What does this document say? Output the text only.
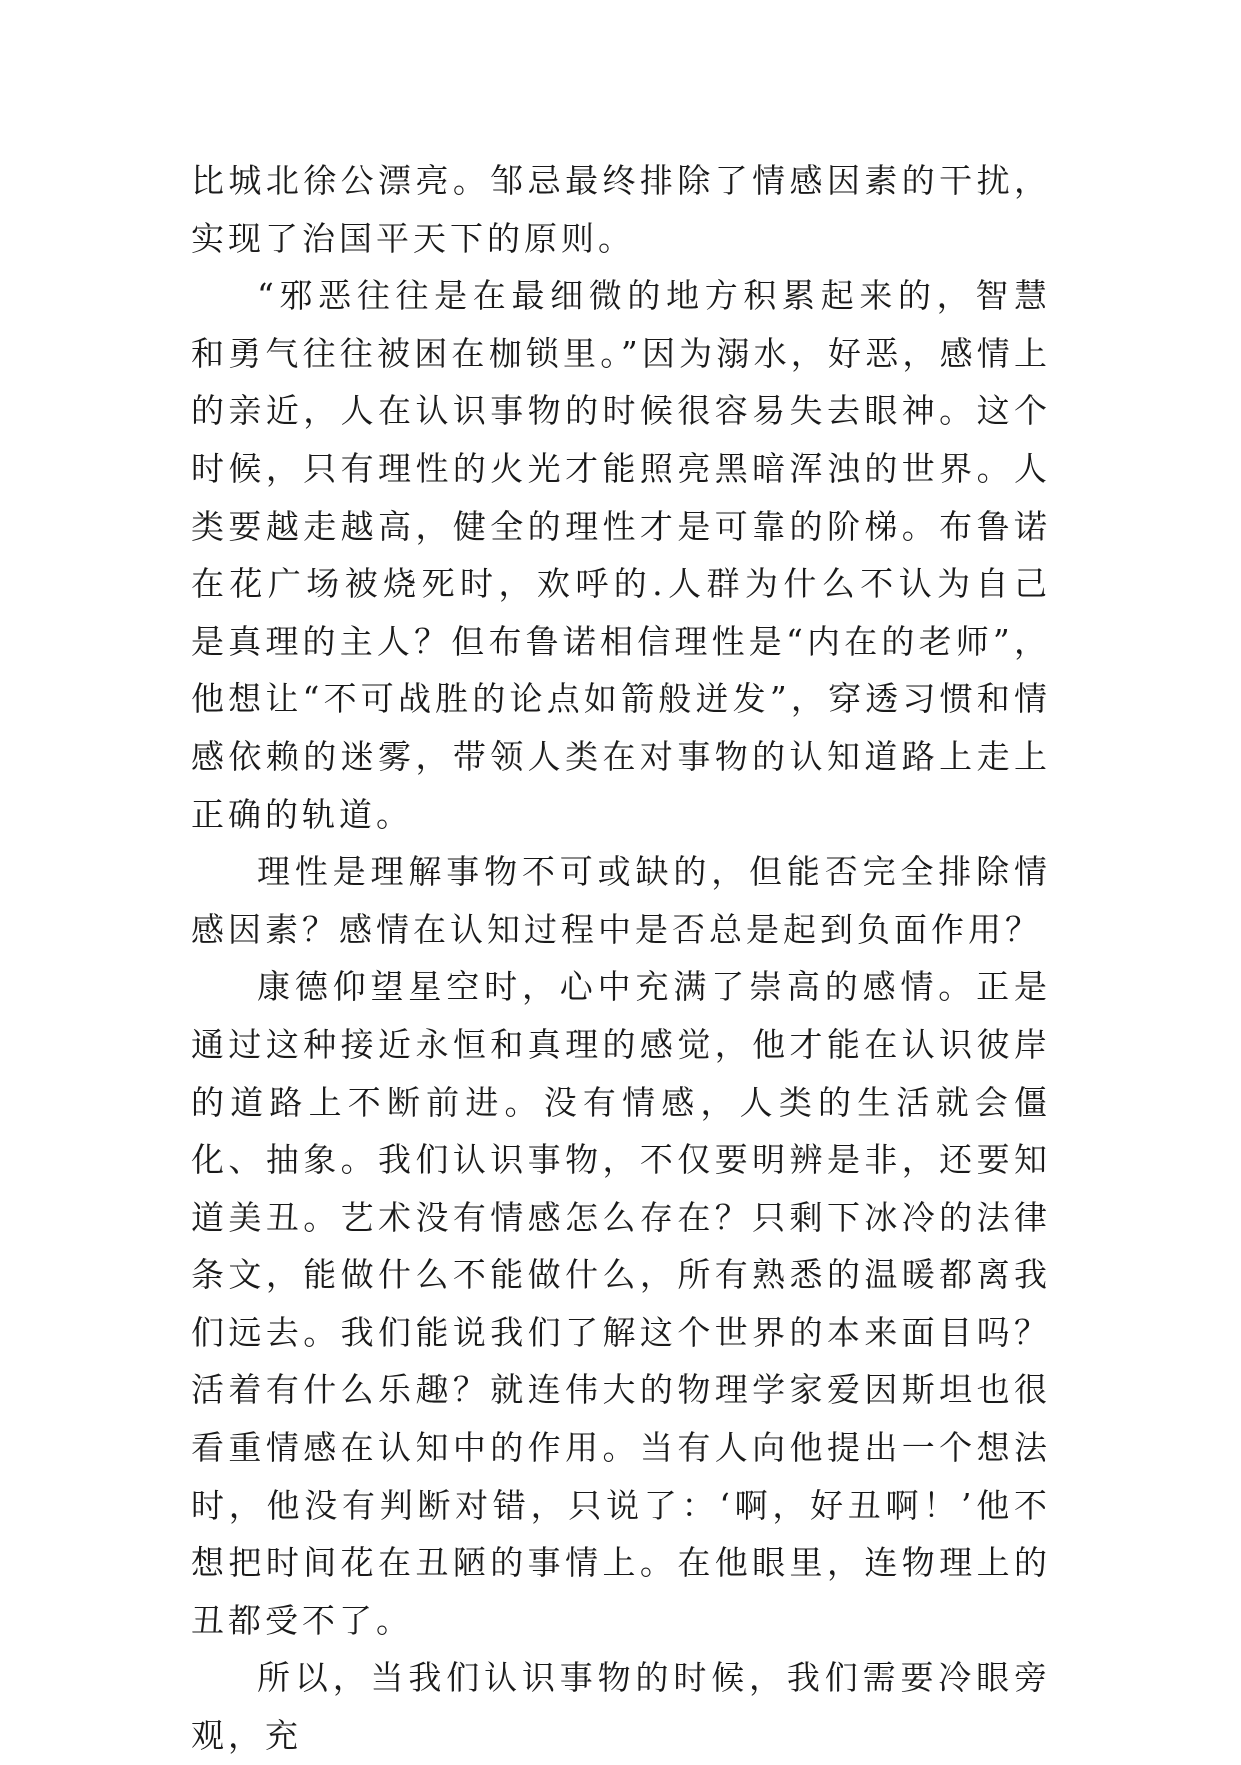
比城北徐公漂亮。邹忌最终排除了情感因素的干扰，实现了治国平天下的原则。

“邪恶往往是在最细微的地方积累起来的，智慧和勇气往往被困在枷锁里。”因为溺水，好恶，感情上的亲近，人在认识事物的时候很容易失去眼神。这个时候，只有理性的火光才能照亮黑暗浑浊的世界。人类要越走越高，健全的理性才是可靠的阶梯。布鲁诺在花广场被烧死时，欢呼的.人群为什么不认为自己是真理的主人？但布鲁诺相信理性是“内在的老师”，他想让“不可战胜的论点如箭般迸发”，穿透习惯和情感依赖的迷雾，带领人类在对事物的认知道路上走上正确的轨道。

理性是理解事物不可或缺的，但能否完全排除情感因素？感情在认知过程中是否总是起到负面作用？

康德仰望星空时，心中充满了崇高的感情。正是通过这种接近永恒和真理的感觉，他才能在认识彼岸的道路上不断前进。没有情感，人类的生活就会僵化、抽象。我们认识事物，不仅要明辨是非，还要知道美丑。艺术没有情感怎么存在？只剩下冰冷的法律条文，能做什么不能做什么，所有熟悉的温暖都离我们远去。我们能说我们了解这个世界的本来面目吗？活着有什么乐趣？就连伟大的物理学家爱因斯坦也很看重情感在认知中的作用。当有人向他提出一个想法时，他没有判断对错，只说了：‘啊，好丑啊！’他不想把时间花在丑陋的事情上。在他眼里，连物理上的丑都受不了。

所以，当我们认识事物的时候，我们需要冷眼旁观，充
